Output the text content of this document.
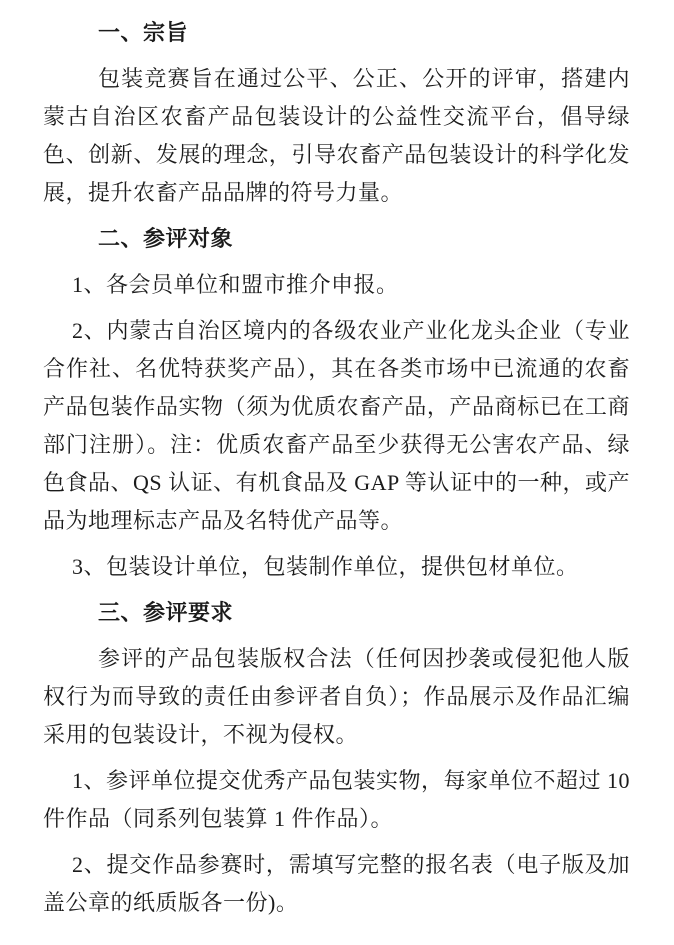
一、宗旨

包装竞赛旨在通过公平、公正、公开的评审，搭建内蒙古自治区农畜产品包装设计的公益性交流平台，倡导绿色、创新、发展的理念，引导农畜产品包装设计的科学化发展，提升农畜产品品牌的符号力量。

二、参评对象

1、各会员单位和盟市推介申报。

2、内蒙古自治区境内的各级农业产业化龙头企业（专业合作社、名优特获奖产品），其在各类市场中已流通的农畜产品包装作品实物（须为优质农畜产品，产品商标已在工商部门注册）。注：优质农畜产品至少获得无公害农产品、绿色食品、QS 认证、有机食品及 GAP 等认证中的一种，或产品为地理标志产品及名特优产品等。

3、包装设计单位，包装制作单位，提供包材单位。

三、参评要求

参评的产品包装版权合法（任何因抄袭或侵犯他人版权行为而导致的责任由参评者自负）；作品展示及作品汇编采用的包装设计，不视为侵权。

1、参评单位提交优秀产品包装实物，每家单位不超过 10 件作品（同系列包装算 1 件作品）。

2、提交作品参赛时，需填写完整的报名表（电子版及加盖公章的纸质版各一份)。
